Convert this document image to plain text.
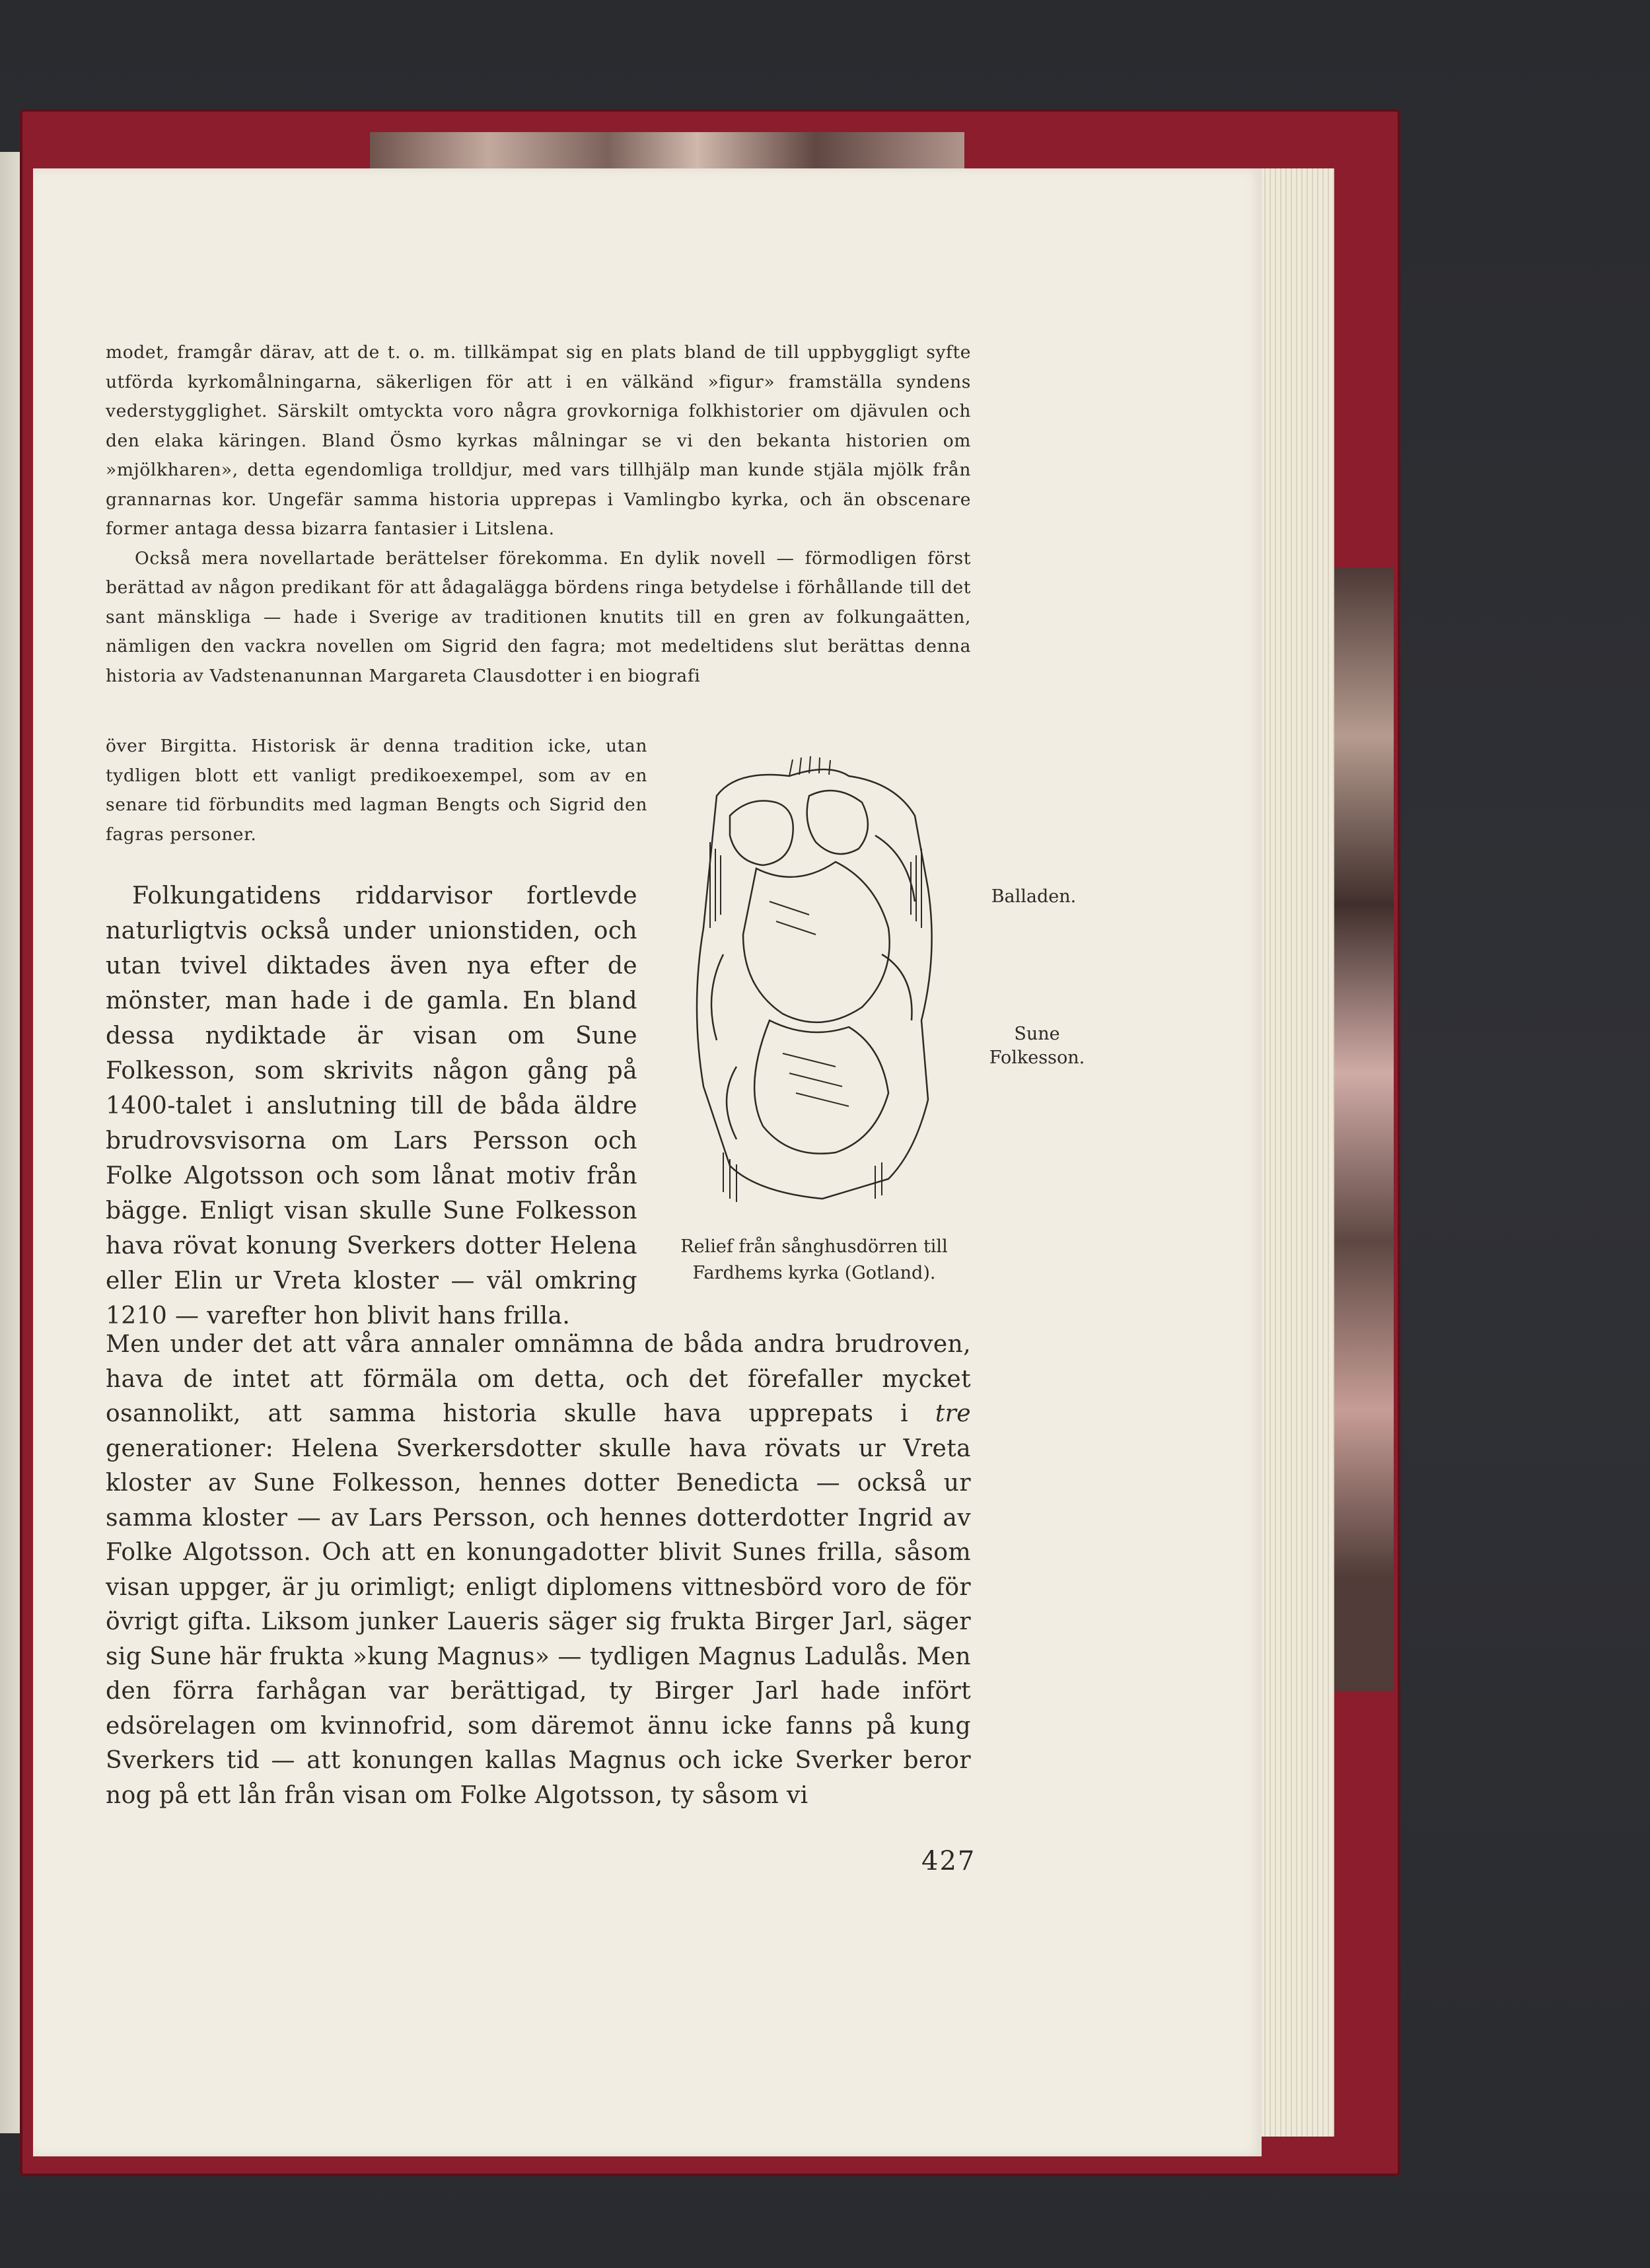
modet, framgår därav, att de t. o. m. tillkämpat sig en plats bland de till uppbyggligt syfte utförda kyrkomålningarna, säkerligen för att i en välkänd »figur» framställa syndens vederstygglighet. Särskilt omtyckta voro några grovkorniga folkhistorier om djävulen och den elaka käringen. Bland Ösmo kyrkas målningar se vi den bekanta historien om »mjölkharen», detta egendomliga trolldjur, med vars tillhjälp man kunde stjäla mjölk från grannarnas kor. Ungefär samma historia upprepas i Vamlingbo kyrka, och än obscenare former antaga dessa bizarra fantasier i Litslena.

Också mera novellartade berättelser förekomma. En dylik novell — förmodligen först berättad av någon predikant för att ådagalägga bördens ringa betydelse i förhållande till det sant mänskliga — hade i Sverige av traditionen knutits till en gren av folkungaätten, nämligen den vackra novellen om Sigrid den fagra; mot medeltidens slut berättas denna historia av Vadstenanunnan Margareta Clausdotter i en biografi

över Birgitta. Historisk är denna tradition icke, utan tydligen blott ett vanligt predikoexempel, som av en senare tid förbundits med lagman Bengts och Sigrid den fagras personer.

Folkungatidens riddarvisor fortlevde naturligtvis också under unionstiden, och utan tvivel diktades även nya efter de mönster, man hade i de gamla. En bland dessa nydiktade är visan om Sune Folkesson, som skrivits någon gång på 1400-talet i anslutning till de båda äldre brudrovsvisorna om Lars Persson och Folke Algotsson och som lånat motiv från bägge. Enligt visan skulle Sune Folkesson hava rövat konung Sverkers dotter Helena eller Elin ur Vreta kloster — väl omkring 1210 — varefter hon blivit hans frilla.

Men under det att våra annaler omnämna de båda andra brudroven, hava de intet att förmäla om detta, och det förefaller mycket osannolikt, att samma historia skulle hava upprepats i tre generationer: Helena Sverkersdotter skulle hava rövats ur Vreta kloster av Sune Folkesson, hennes dotter Benedicta — också ur samma kloster — av Lars Persson, och hennes dotterdotter Ingrid av Folke Algotsson. Och att en konungadotter blivit Sunes frilla, såsom visan uppger, är ju orimligt; enligt diplomens vittnesbörd voro de för övrigt gifta. Liksom junker Laueris säger sig frukta Birger Jarl, säger sig Sune här frukta »kung Magnus» — tydligen Magnus Ladulås. Men den förra farhågan var berättigad, ty Birger Jarl hade infört edsörelagen om kvinnofrid, som däremot ännu icke fanns på kung Sverkers tid — att konungen kallas Magnus och icke Sverker beror nog på ett lån från visan om Folke Algotsson, ty såsom vi

Relief från sånghusdörren till Fardhems kyrka (Gotland).
Balladen.
Sune Folkesson.
427
